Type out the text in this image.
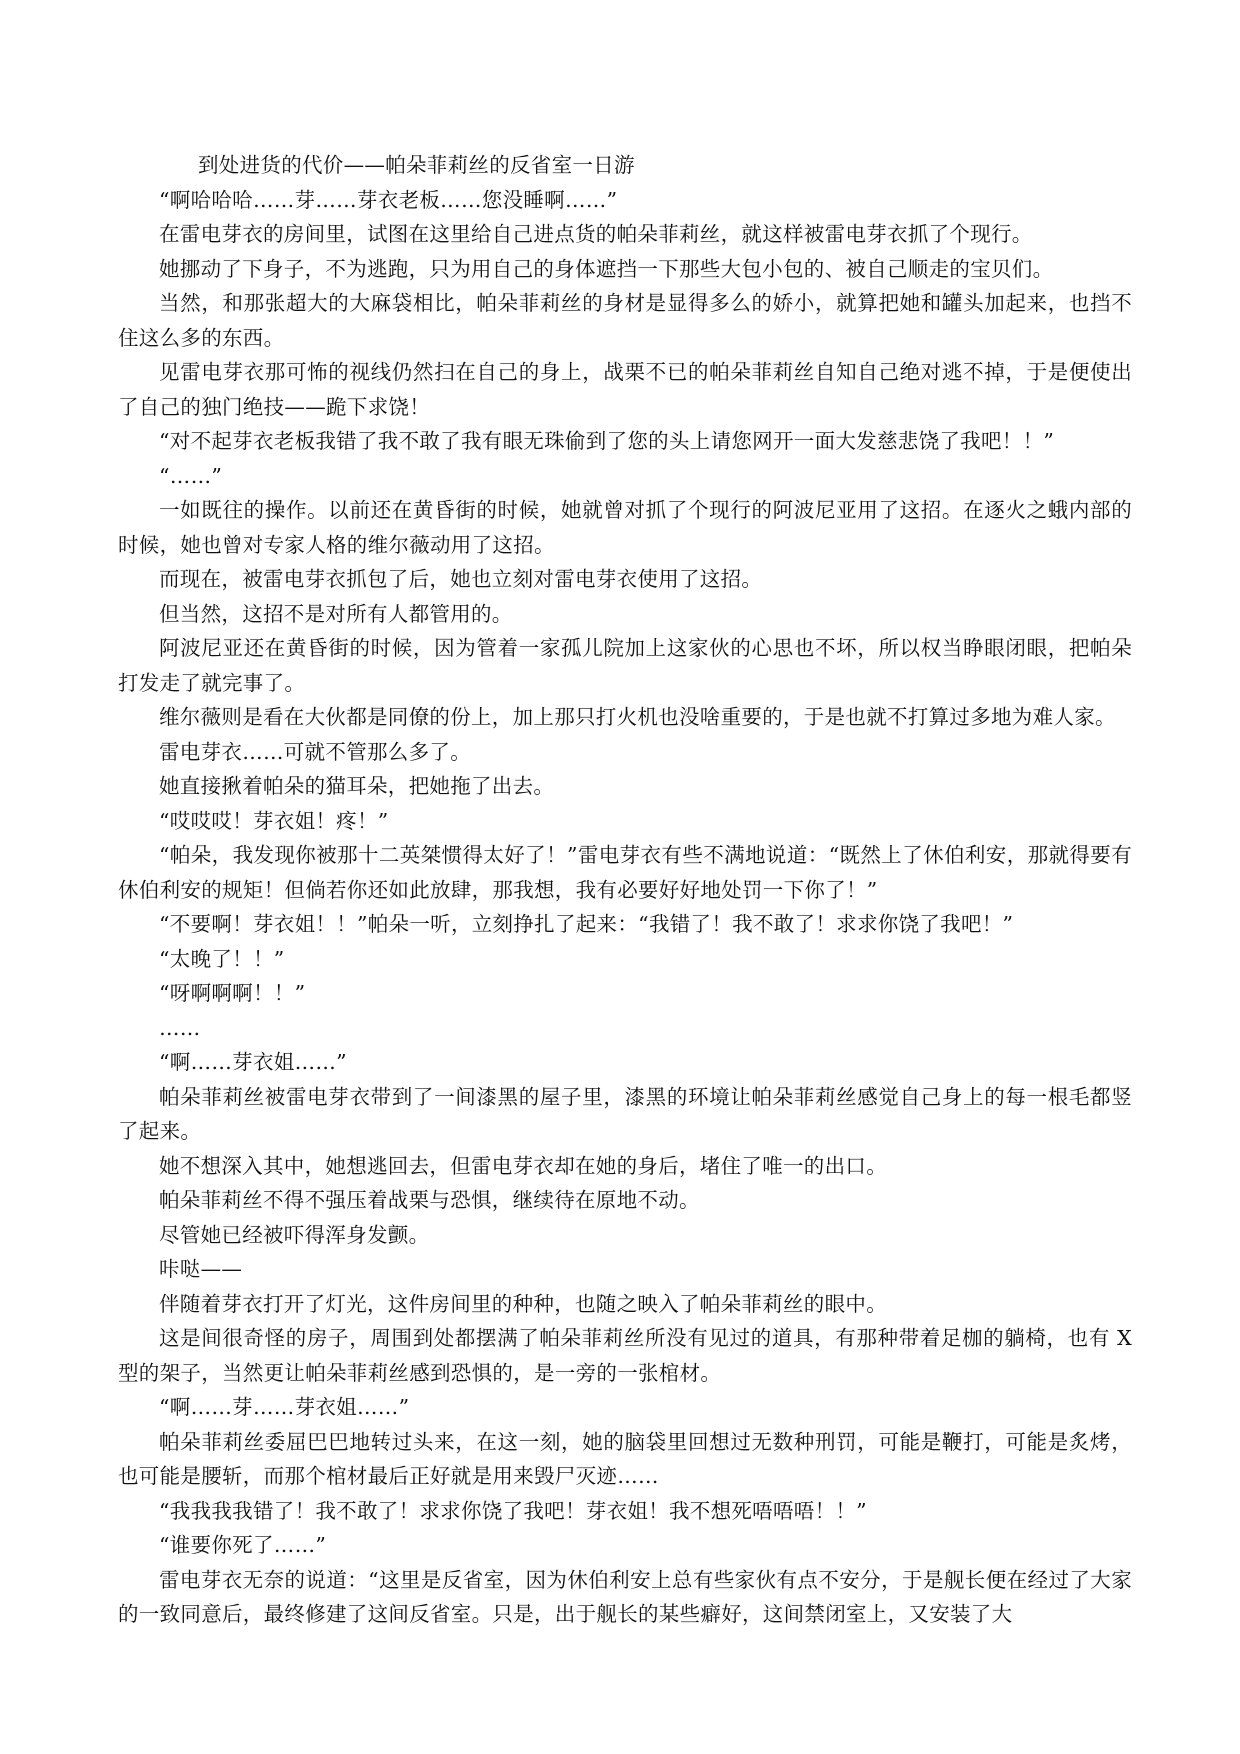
到处进货的代价——帕朵菲莉丝的反省室一日游

“啊哈哈哈……芽……芽衣老板……您没睡啊……”

在雷电芽衣的房间里，试图在这里给自己进点货的帕朵菲莉丝，就这样被雷电芽衣抓了个现行。

她挪动了下身子，不为逃跑，只为用自己的身体遮挡一下那些大包小包的、被自己顺走的宝贝们。

当然，和那张超大的大麻袋相比，帕朵菲莉丝的身材是显得多么的娇小，就算把她和罐头加起来，也挡不住这么多的东西。

见雷电芽衣那可怖的视线仍然扫在自己的身上，战栗不已的帕朵菲莉丝自知自己绝对逃不掉，于是便使出了自己的独门绝技——跪下求饶！

“对不起芽衣老板我错了我不敢了我有眼无珠偷到了您的头上请您网开一面大发慈悲饶了我吧！！”

“……”

一如既往的操作。以前还在黄昏街的时候，她就曾对抓了个现行的阿波尼亚用了这招。在逐火之蛾内部的时候，她也曾对专家人格的维尔薇动用了这招。

而现在，被雷电芽衣抓包了后，她也立刻对雷电芽衣使用了这招。

但当然，这招不是对所有人都管用的。

阿波尼亚还在黄昏街的时候，因为管着一家孤儿院加上这家伙的心思也不坏，所以权当睁眼闭眼，把帕朵打发走了就完事了。

维尔薇则是看在大伙都是同僚的份上，加上那只打火机也没啥重要的，于是也就不打算过多地为难人家。

雷电芽衣……可就不管那么多了。

她直接揪着帕朵的猫耳朵，把她拖了出去。

“哎哎哎！芽衣姐！疼！”

“帕朵，我发现你被那十二英桀惯得太好了！”雷电芽衣有些不满地说道：“既然上了休伯利安，那就得要有休伯利安的规矩！但倘若你还如此放肆，那我想，我有必要好好地处罚一下你了！”

“不要啊！芽衣姐！！”帕朵一听，立刻挣扎了起来：“我错了！我不敢了！求求你饶了我吧！”

“太晚了！！”

“呀啊啊啊！！”

……

“啊……芽衣姐……”

帕朵菲莉丝被雷电芽衣带到了一间漆黑的屋子里，漆黑的环境让帕朵菲莉丝感觉自己身上的每一根毛都竖了起来。

她不想深入其中，她想逃回去，但雷电芽衣却在她的身后，堵住了唯一的出口。

帕朵菲莉丝不得不强压着战栗与恐惧，继续待在原地不动。

尽管她已经被吓得浑身发颤。

咔哒——

伴随着芽衣打开了灯光，这件房间里的种种，也随之映入了帕朵菲莉丝的眼中。

这是间很奇怪的房子，周围到处都摆满了帕朵菲莉丝所没有见过的道具，有那种带着足枷的躺椅，也有 X 型的架子，当然更让帕朵菲莉丝感到恐惧的，是一旁的一张棺材。

“啊……芽……芽衣姐……”

帕朵菲莉丝委屈巴巴地转过头来，在这一刻，她的脑袋里回想过无数种刑罚，可能是鞭打，可能是炙烤，也可能是腰斩，而那个棺材最后正好就是用来毁尸灭迹……

“我我我我错了！我不敢了！求求你饶了我吧！芽衣姐！我不想死唔唔唔！！”

“谁要你死了……”

雷电芽衣无奈的说道：“这里是反省室，因为休伯利安上总有些家伙有点不安分，于是舰长便在经过了大家的一致同意后，最终修建了这间反省室。只是，出于舰长的某些癖好，这间禁闭室上，又安装了大
